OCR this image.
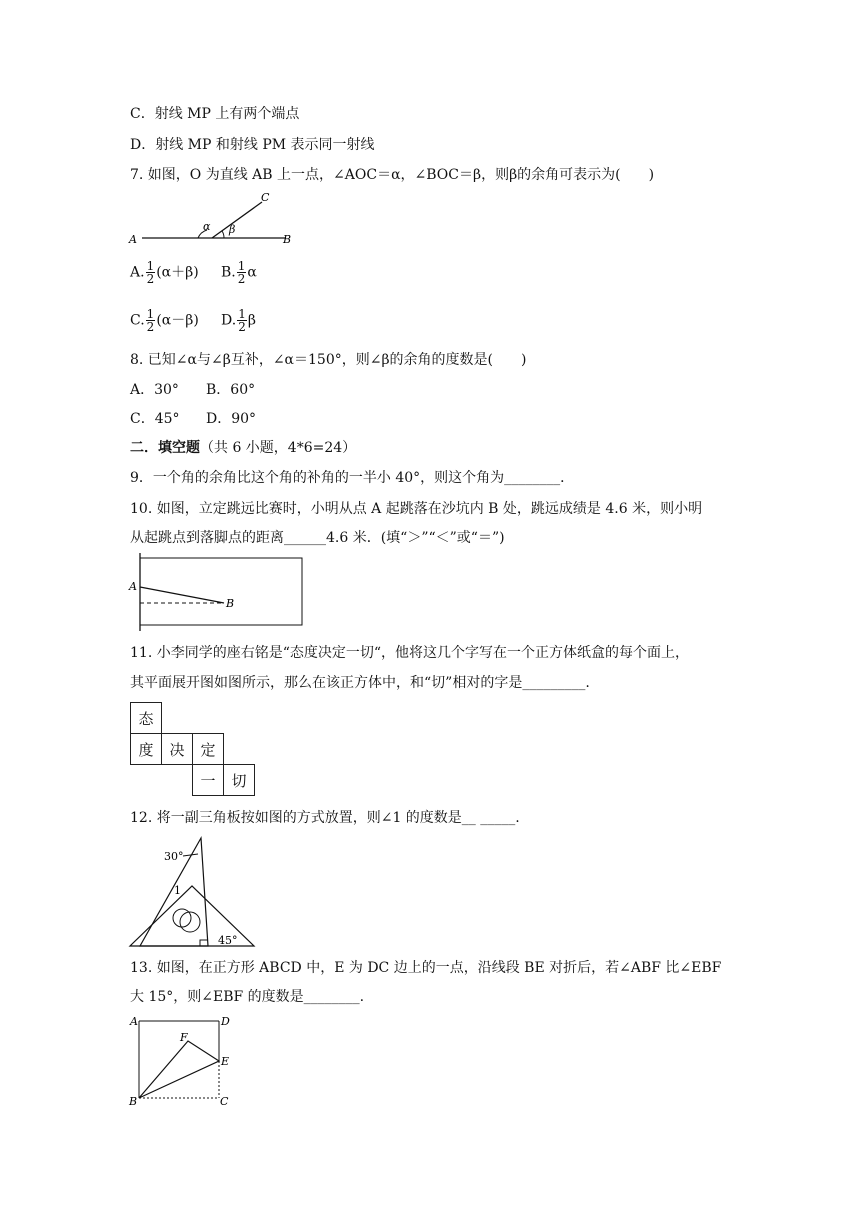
C．射线 MP 上有两个端点
D．射线 MP 和射线 PM 表示同一射线
7. 如图，O 为直线 AB 上一点，∠AOC＝α，∠BOC＝β，则β的余角可表示为(　　)
A	B
C
α β
A. $\frac{1}{2} (\alpha+\beta)$ B. $\frac{1}{2}$ α
C. $\frac{1}{2} (\alpha-\beta)$ D. $\frac{1}{2}$ β
8. 已知∠α与∠β互补，∠α＝150°，则∠β的余角的度数是(　　)
A．30° B．60°
C．45° D．90°
二．填空题（共 6 小题，4*6=24）
9．一个角的余角比这个角的补角的一半小 40°，则这个角为________．
10. 如图，立定跳远比赛时，小明从点 A 起跳落在沙坑内 B 处，跳远成绩是 4.6 米，则小明
从起跳点到落脚点的距离______4.6 米．(填“＞”“＜”或“＝”)
A
B
11. 小李同学的座右铭是“态度决定一切“，他将这几个字写在一个正方体纸盒的每个面上，
其平面展开图如图所示，那么在该正方体中，和“切”相对的字是_________.
态			
度	决	定	
		一	切
12. 将一副三角板按如图的方式放置，则∠1 的度数是__ _____.
30°
1
45°
13. 如图，在正方形 ABCD 中，E 为 DC 边上的一点，沿线段 BE 对折后，若∠ABF 比∠EBF
大 15°，则∠EBF 的度数是________.
A
B	C
D
E
F
